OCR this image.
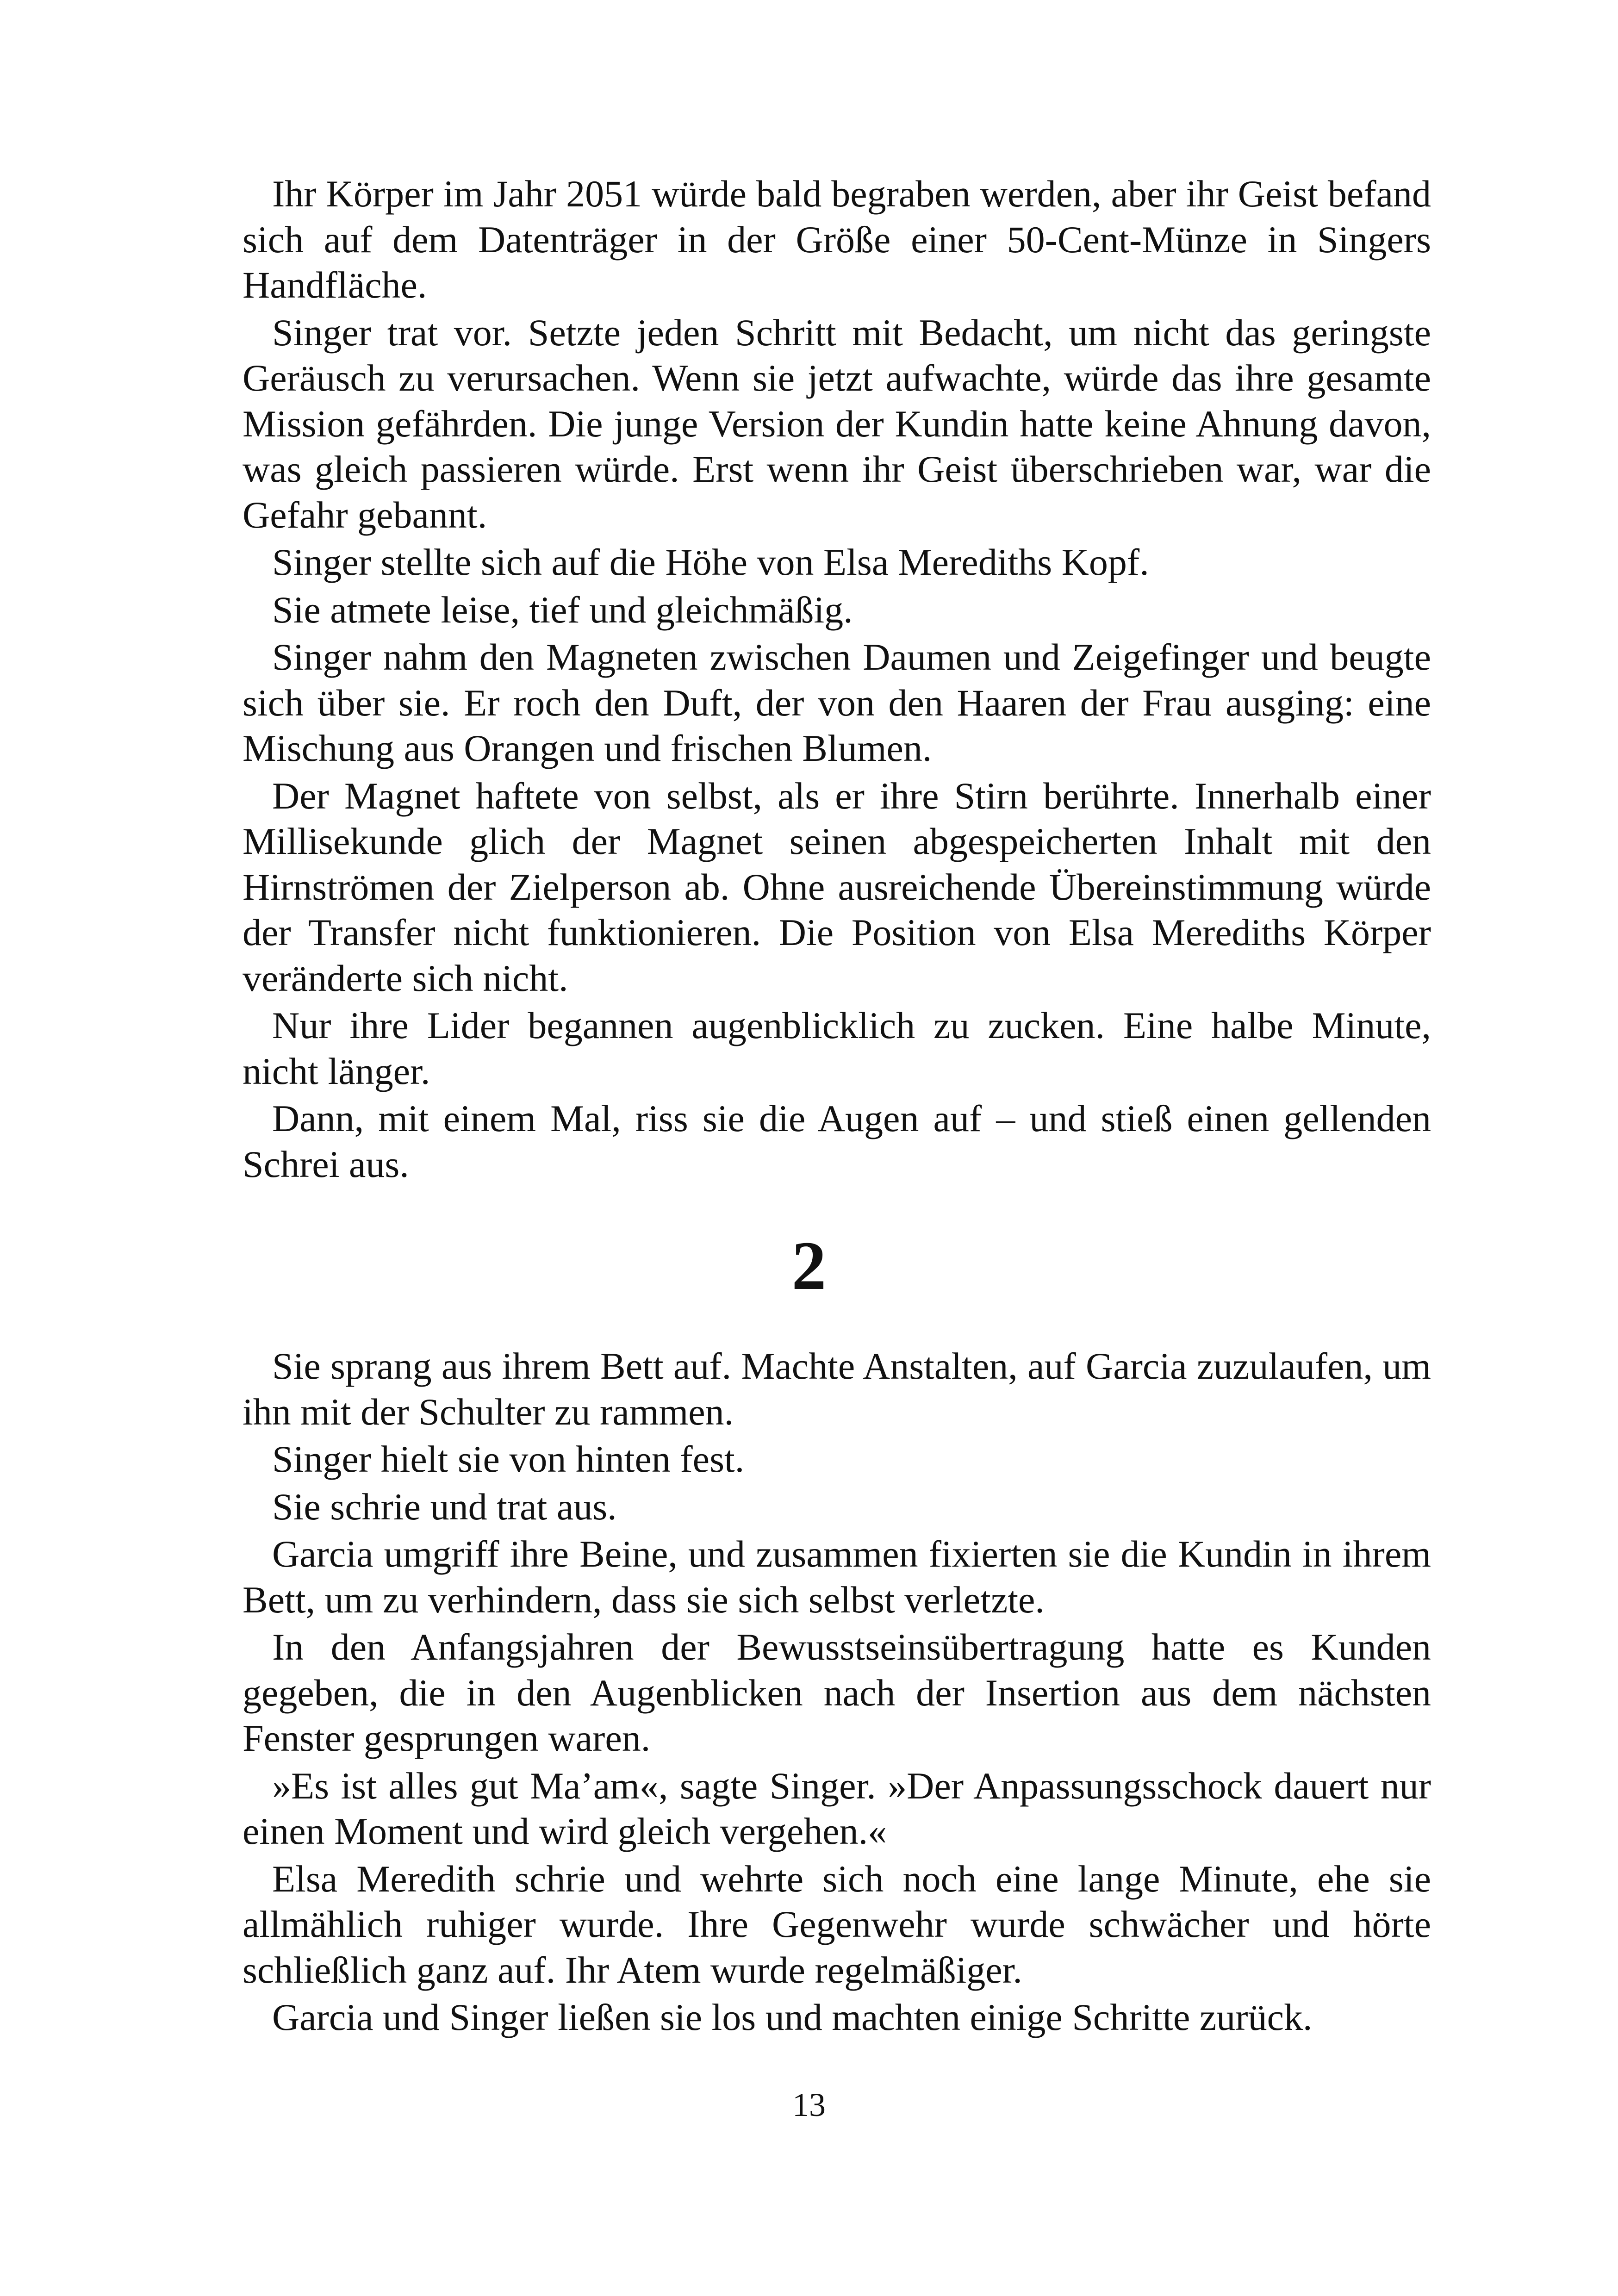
Ihr Körper im Jahr 2051 würde bald begraben werden, aber ihr Geist befand sich auf dem Datenträger in der Größe einer 50-Cent-Münze in Singers Handfläche.

Singer trat vor. Setzte jeden Schritt mit Bedacht, um nicht das geringste Geräusch zu verursachen. Wenn sie jetzt aufwachte, würde das ihre gesamte Mission gefährden. Die junge Version der Kundin hatte keine Ahnung davon, was gleich passieren würde. Erst wenn ihr Geist überschrieben war, war die Gefahr gebannt.

Singer stellte sich auf die Höhe von Elsa Merediths Kopf.

Sie atmete leise, tief und gleichmäßig.

Singer nahm den Magneten zwischen Daumen und Zeigefinger und beugte sich über sie. Er roch den Duft, der von den Haaren der Frau ausging: eine Mischung aus Orangen und frischen Blumen.

Der Magnet haftete von selbst, als er ihre Stirn berührte. Innerhalb einer Millisekunde glich der Magnet seinen abgespeicherten Inhalt mit den Hirnströmen der Zielperson ab. Ohne ausreichende Übereinstimmung würde der Transfer nicht funktionieren. Die Position von Elsa Merediths Körper veränderte sich nicht.

Nur ihre Lider begannen augenblicklich zu zucken. Eine halbe Minute, nicht länger.

Dann, mit einem Mal, riss sie die Augen auf – und stieß einen gellenden Schrei aus.

2

Sie sprang aus ihrem Bett auf. Machte Anstalten, auf Garcia zuzulaufen, um ihn mit der Schulter zu rammen.

Singer hielt sie von hinten fest.

Sie schrie und trat aus.

Garcia umgriff ihre Beine, und zusammen fixierten sie die Kundin in ihrem Bett, um zu verhindern, dass sie sich selbst verletzte.

In den Anfangsjahren der Bewusstseinsübertragung hatte es Kunden gegeben, die in den Augenblicken nach der Insertion aus dem nächsten Fenster gesprungen waren.

»Es ist alles gut Ma’am«, sagte Singer. »Der Anpassungsschock dauert nur einen Moment und wird gleich vergehen.«

Elsa Meredith schrie und wehrte sich noch eine lange Minute, ehe sie allmählich ruhiger wurde. Ihre Gegenwehr wurde schwächer und hörte schließlich ganz auf. Ihr Atem wurde regelmäßiger.

Garcia und Singer ließen sie los und machten einige Schritte zurück.

13
